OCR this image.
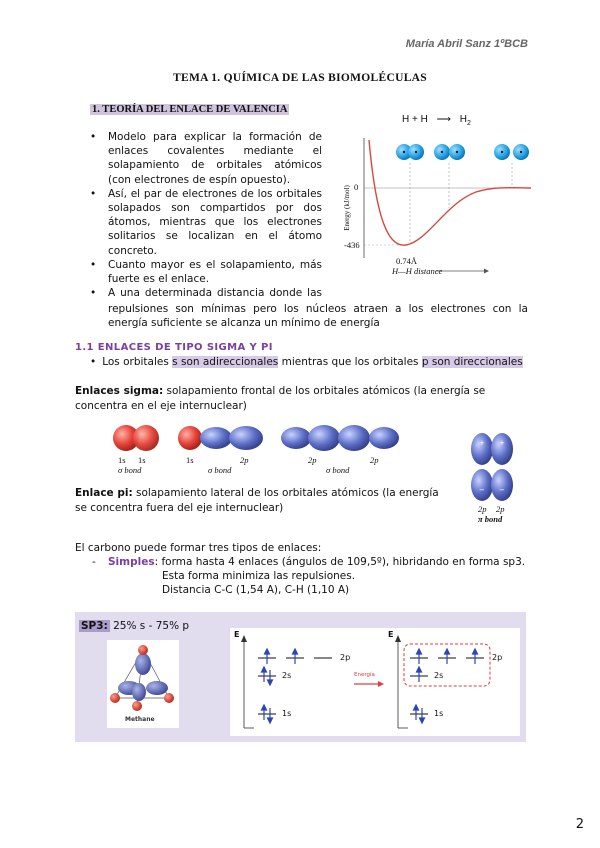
María Abril Sanz 1ºBCB
TEMA 1. QUÍMICA DE LAS BIOMOLÉCULAS
1. TEORÍA DEL ENLACE DE VALENCIA
• Modelo para explicar la formación de enlaces covalentes mediante el solapamiento de orbitales atómicos (con electrones de espín opuesto).
• Así, el par de electrones de los orbitales solapados son compartidos por dos átomos, mientras que los electrones solitarios se localizan en el átomo concreto.
• Cuanto mayor es el solapamiento, más fuerte es el enlace.
• A una determinada distancia donde las
repulsiones son mínimas pero los núcleos atraen a los electrones con la energía suficiente se alcanza un mínimo de energía
H + H ⟶ $H_2$
0
-436
0.74Å
H—H distance
Energy (kJ/mol)
1.1 ENLACES DE TIPO SIGMA Y PI
• Los orbitales s son adireccionales mientras que los orbitales p son direccionales
Enlaces sigma: solapamiento frontal de los orbitales atómicos (la energía se concentra en el eje internuclear)
1s 1s
σ bond
1s	2p
σ bond
2p	2p
σ bond
Enlace pi: solapamiento lateral de los orbitales atómicos (la energía se concentra fuera del eje internuclear)
+ +
− −
2p 2p
π bond
El carbono puede formar tres tipos de enlaces:
- Simples: forma hasta 4 enlaces (ángulos de 109,5º), hibridando en forma sp3.
Esta forma minimiza las repulsiones.
Distancia C-C (1,54 A), C-H (1,10 A)
SP3: 25% s - 75% p
Methane
E	E
2p
2s
1s
2p
2s
1s
Energía
2
